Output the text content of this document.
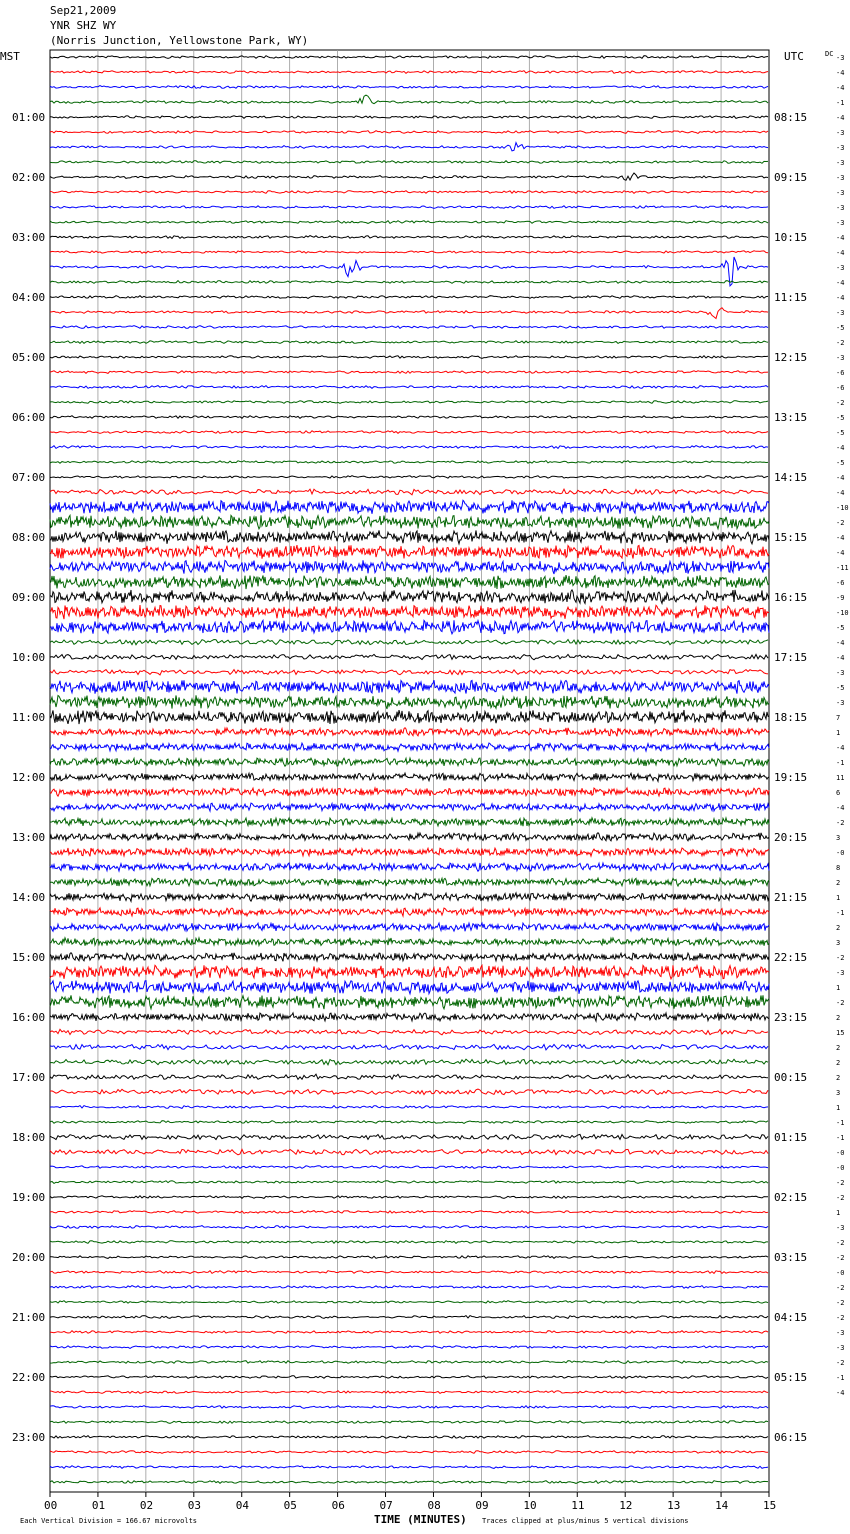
Sep21,2009
YNR SHZ WY
(Norris Junction, Yellowstone Park, WY)
00	01	02	03	04	05	06	07	08	09	10	11	12	13	14	15
-3
-4
-4
-1
-4
-3
-3
-3
-3
-3
-3
-3
-4
-4
-3
-4
-4
-3
-5
-2
-3
-6
-6
-2
-5
-5
-4
-5
-4
-4
-10
-2
-4
-4
-11
-6
-9
-10
-5
-4
-4
-3
-5
-3
7
1
-4
-1
11
6
-4
-2
3
-0
8
2
1
-1
2
3
-2
-3
1
-2
2
15
2
2
2
3
1
-1
-1
-0
-0
-2
-2
1
-3
-2
-2
-0
-2
-2
-2
-3
-3
-2
-1
-4
01:00
02:00
03:00
04:00
05:00
06:00
07:00
08:00
09:00
10:00
11:00
12:00
13:00
14:00
15:00
16:00
17:00
18:00
19:00
20:00
21:00
22:00
23:00
08:15
09:15
10:15
11:15
12:15
13:15
14:15
15:15
16:15
17:15
18:15
19:15
20:15
21:15
22:15
23:15
00:15
01:15
02:15
03:15
04:15
05:15
06:15
MST	UTC	DC
TIME (MINUTES)
Each Vertical Division = 166.67 microvolts	Traces clipped at plus/minus 5 vertical divisions
